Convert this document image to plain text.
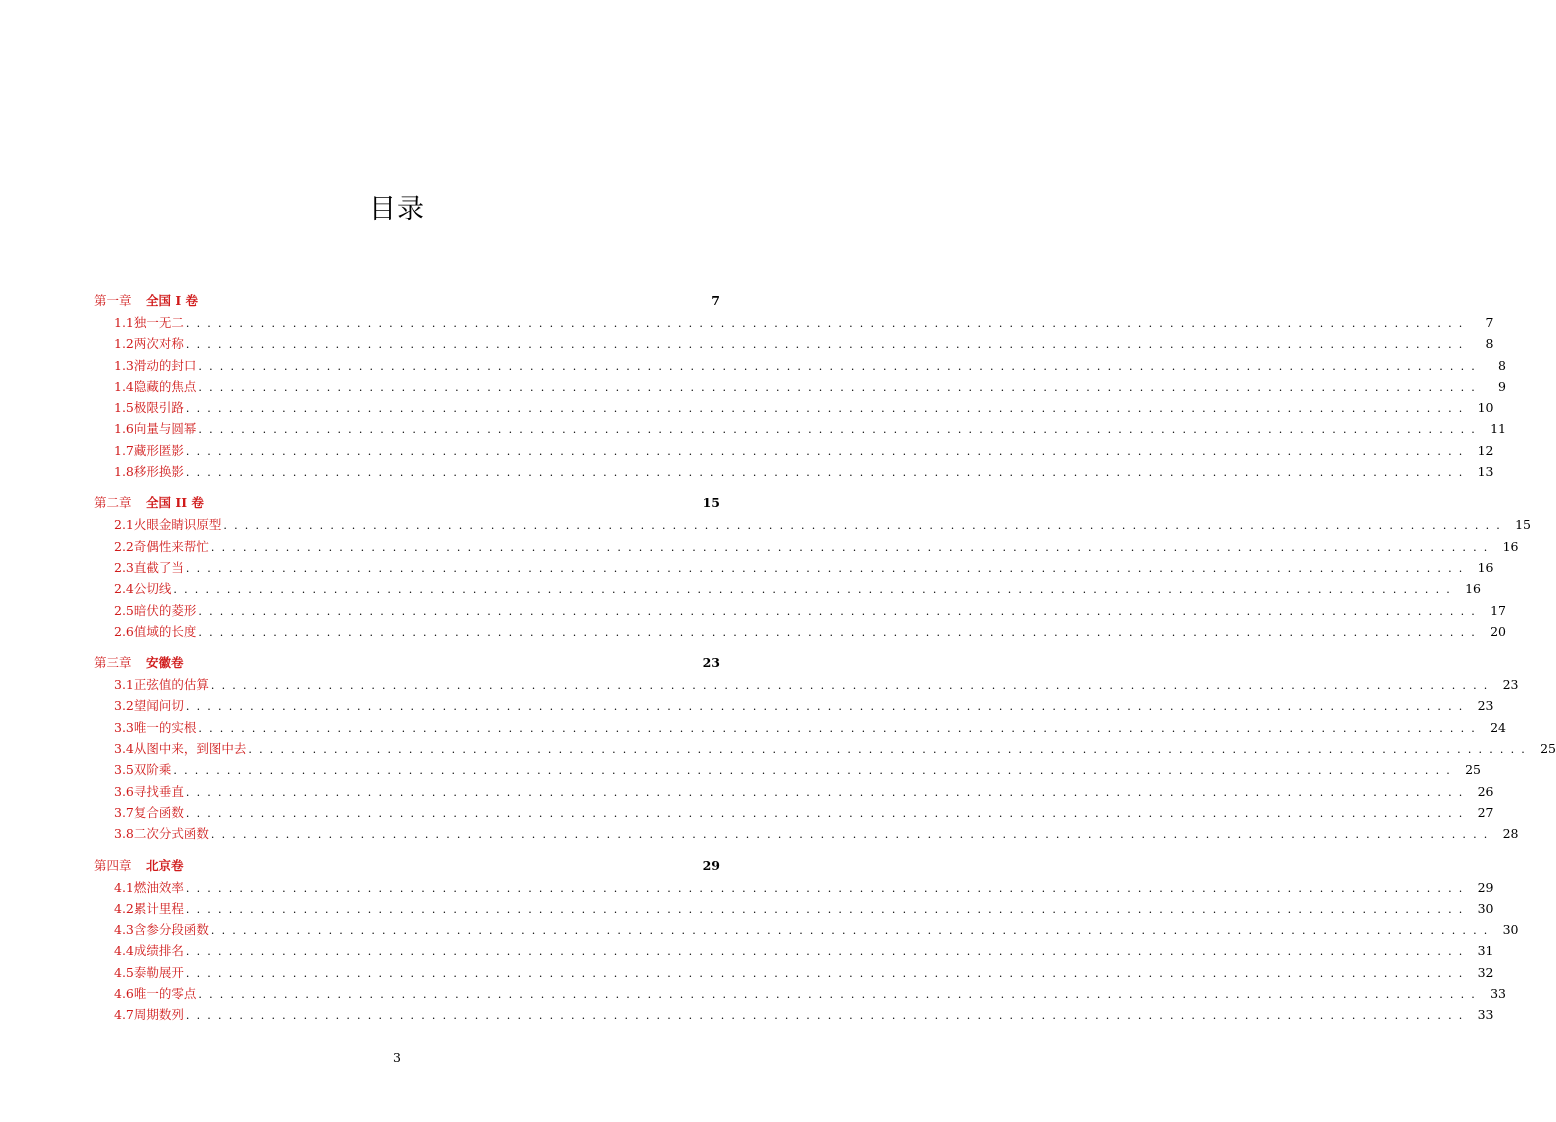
目录
第一章	全国 I 卷	7
1.1 独一无二 ........................................................................................................................	7
1.2 两次对称 ........................................................................................................................	8
1.3 滑动的封口 ........................................................................................................................	8
1.4 隐藏的焦点 ........................................................................................................................	9
1.5 极限引路 ........................................................................................................................ 10
1.6 向量与圆幂 ........................................................................................................................ 11
1.7 藏形匿影 ........................................................................................................................ 12
1.8 移形换影 ........................................................................................................................ 13
第二章	全国 II 卷	15
2.1 火眼金睛识原型 ........................................................................................................................ 15
2.2 奇偶性来帮忙 ........................................................................................................................ 16
2.3 直截了当 ........................................................................................................................ 16
2.4 公切线 ........................................................................................................................ 16
2.5 暗伏的菱形 ........................................................................................................................ 17
2.6 值域的长度 ........................................................................................................................ 20
第三章	安徽卷	23
3.1 正弦值的估算 ........................................................................................................................ 23
3.2 望闻问切 ........................................................................................................................ 23
3.3 唯一的实根 ........................................................................................................................ 24
3.4 从图中来，到图中去 ........................................................................................................................ 25
3.5 双阶乘 ........................................................................................................................ 25
3.6 寻找垂直 ........................................................................................................................ 26
3.7 复合函数 ........................................................................................................................ 27
3.8 二次分式函数 ........................................................................................................................ 28
第四章	北京卷	29
4.1 燃油效率 ........................................................................................................................ 29
4.2 累计里程 ........................................................................................................................ 30
4.3 含参分段函数 ........................................................................................................................ 30
4.4 成绩排名 ........................................................................................................................ 31
4.5 泰勒展开 ........................................................................................................................ 32
4.6 唯一的零点 ........................................................................................................................ 33
4.7 周期数列 ........................................................................................................................ 33
3
